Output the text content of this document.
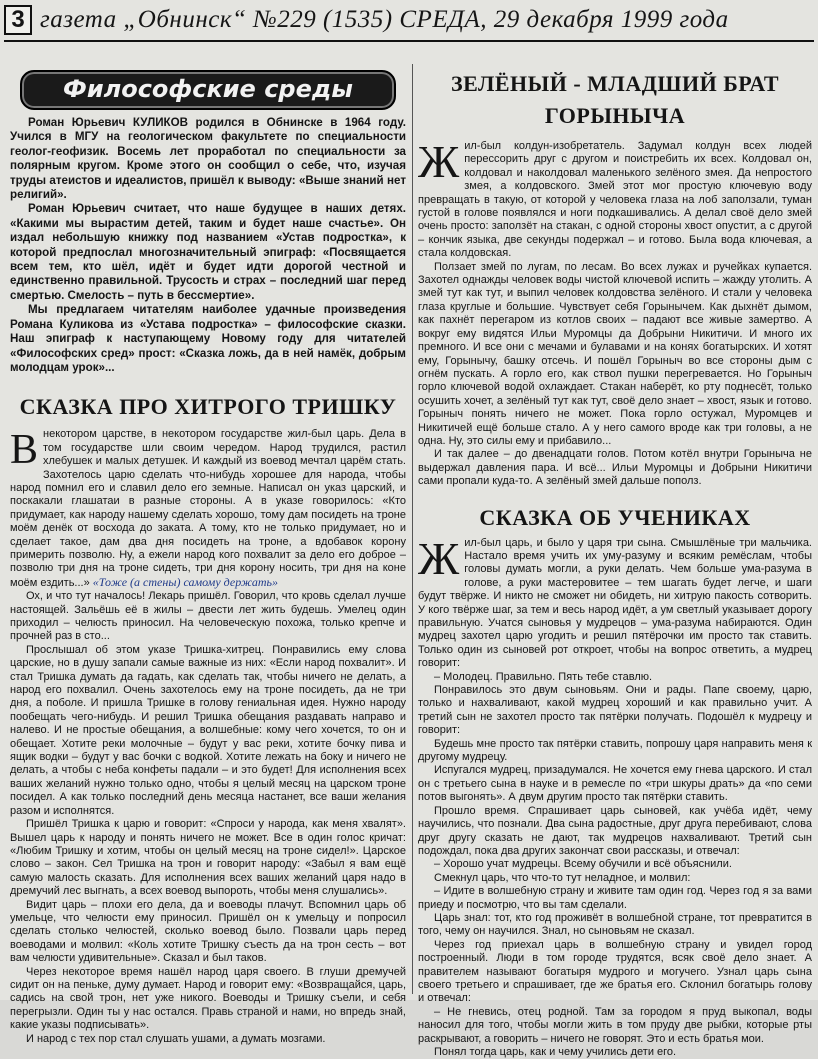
3 газета „Обнинск“ №229 (1535) СРЕДА, 29 декабря 1999 года
Философские среды

Роман Юрьевич КУЛИКОВ родился в Обнинске в 1964 году. Учился в МГУ на геологическом факультете по специальности геолог-геофизик. Восемь лет проработал по специальности за полярным кругом. Кроме этого он сообщил о себе, что, изучая труды атеистов и идеалистов, пришёл к выводу: «Выше знаний нет религий».

Роман Юрьевич считает, что наше будущее в наших детях. «Какими мы вырастим детей, таким и будет наше счастье». Он издал небольшую книжку под названием «Устав подростка», к которой предпослал многозначительный эпиграф: «Посвящается всем тем, кто шёл, идёт и будет идти дорогой честной и единственно правильной. Трусость и страх – последний шаг перед смертью. Смелость – путь в бессмертие».

Мы предлагаем читателям наиболее удачные произведения Романа Куликова из «Устава подростка» – философские сказки. Наш эпиграф к наступающему Новому году для читателей «Философских сред» прост: «Сказка ложь, да в ней намёк, добрым молодцам урок»...

СКАЗКА ПРО ХИТРОГО ТРИШКУ

Внекотором царстве, в некотором государстве жил-был царь. Дела в том государстве шли своим чередом. Народ трудился, растил хлебушек и малых детушек. И каждый из воевод мечтал царём стать. Захотелось царю сделать что-нибудь хорошее для народа, чтобы народ помнил его и славил дело его земные. Написал он указ царский, и поскакали глашатаи в разные стороны. А в указе говорилось: «Кто придумает, как народу нашему сделать хорошо, тому дам посидеть на троне моём денёк от восхода до заката. А тому, кто не только придумает, но и сделает такое, дам два дня посидеть на троне, а вдобавок корону примерить позволю. Ну, а ежели народ кого похвалит за дело его доброе – позволю три дня на троне сидеть, три дня корону носить, три дня на коне моём ездить...» «Тоже (а стены) самому держать»

Ох, и что тут началось! Лекарь пришёл. Говорил, что кровь сделал лучше настоящей. Зальёшь её в жилы – двести лет жить будешь. Умелец один приходил – челюсть приносил. На человеческую похожа, только крепче и прочней раз в сто...

Прослышал об этом указе Тришка-хитрец. Понравились ему слова царские, но в душу запали самые важные из них: «Если народ похвалит». И стал Тришка думать да гадать, как сделать так, чтобы ничего не делать, а народ его похвалил. Очень захотелось ему на троне посидеть, да не три дня, а поболе. И пришла Тришке в голову гениальная идея. Нужно народу пообещать чего-нибудь. И решил Тришка обещания раздавать направо и налево. И не простые обещания, а волшебные: кому чего хочется, то он и обещает. Хотите реки молочные – будут у вас реки, хотите бочку пива и ящик водки – будут у вас бочки с водкой. Хотите лежать на боку и ничего не делать, а чтобы с неба конфеты падали – и это будет! Для исполнения всех ваших желаний нужно только одно, чтобы я целый месяц на царском троне посидел. А как только последний день месяца настанет, все ваши желания разом и исполнятся.

Пришёл Тришка к царю и говорит: «Спроси у народа, как меня хвалят». Вышел царь к народу и понять ничего не может. Все в один голос кричат: «Любим Тришку и хотим, чтобы он целый месяц на троне сидел!». Царское слово – закон. Сел Тришка на трон и говорит народу: «Забыл я вам ещё самую малость сказать. Для исполнения всех ваших желаний царя надо в дремучий лес выгнать, а всех воевод выпороть, чтобы меня слушались».

Видит царь – плохи его дела, да и воеводы плачут. Вспомнил царь об умельце, что челюсти ему приносил. Пришёл он к умельцу и попросил сделать столько челюстей, сколько воевод было. Позвали царь перед воеводами и молвил: «Коль хотите Тришку съесть да на трон сесть – вот вам челюсти удивительные». Сказал и был таков.

Через некоторое время нашёл народ царя своего. В глуши дремучей сидит он на пеньке, думу думает. Народ и говорит ему: «Возвращайся, царь, садись на свой трон, нет уже никого. Воеводы и Тришку съели, и себя перегрызли. Один ты у нас остался. Правь страной и нами, но впредь знай, какие указы подписывать».

И народ с тех пор стал слушать ушами, а думать мозгами.

ЗЕЛЁНЫЙ - МЛАДШИЙ БРАТ ГОРЫНЫЧА

Жил-был колдун-изобретатель. Задумал колдун всех людей перессорить друг с другом и поистребить их всех. Колдовал он, колдовал и наколдовал маленького зелёного змея. Да непростого змея, а колдовского. Змей этот мог простую ключевую воду превращать в такую, от которой у человека глаза на лоб заползали, туман густой в голове появлялся и ноги подкашивались. А делал своё дело змей очень просто: заползёт на стакан, с одной стороны хвост опустит, а с другой – кончик языка, две секунды подержал – и готово. Была вода ключевая, а стала колдовская.

Ползает змей по лугам, по лесам. Во всех лужах и ручейках купается. Захотел однажды человек воды чистой ключевой испить – жажду утолить. А змей тут как тут, и выпил человек колдовства зелёного. И стали у человека глаза круглые и большие. Чувствует себя Горынычем. Как дыхнёт дымом, как пахнёт перегаром из котлов своих – падают все живые замертво. А вокруг ему видятся Ильи Муромцы да Добрыни Никитичи. И много их премного. И все они с мечами и булавами и на конях богатырских. И хотят ему, Горынычу, башку отсечь. И пошёл Горыныч во все стороны дым с огнём пускать. А горло его, как ствол пушки перегревается. Но Горыныч горло ключевой водой охлаждает. Стакан наберёт, ко рту поднесёт, только осушить хочет, а зелёный тут как тут, своё дело знает – хвост, язык и готово. Горыныч понять ничего не может. Пока горло остужал, Муромцев и Никитичей ещё больше стало. А у него самого вроде как три головы, а не одна. Ну, это силы ему и прибавило...

И так далее – до двенадцати голов. Потом котёл внутри Горыныча не выдержал давления пара. И всё... Ильи Муромцы и Добрыни Никитичи сами пропали куда-то. А зелёный змей дальше пополз.

СКАЗКА ОБ УЧЕНИКАХ

Жил-был царь, и было у царя три сына. Смышлёные три мальчика. Настало время учить их уму-разуму и всяким ремёслам, чтобы головы думать могли, а руки делать. Чем больше ума-разума в голове, а руки мастеровитее – тем шагать будет легче, и шаги будут твёрже. И никто не сможет ни обидеть, ни хитрую пакость сотворить. У кого твёрже шаг, за тем и весь народ идёт, а ум светлый указывает дорогу правильную. Учатся сыновья у мудрецов – ума-разума набираются. Один мудрец захотел царю угодить и решил пятёрочки им просто так ставить. Только один из сыновей рот откроет, чтобы на вопрос ответить, а мудрец говорит:

– Молодец. Правильно. Пять тебе ставлю.

Понравилось это двум сыновьям. Они и рады. Папе своему, царю, только и нахваливают, какой мудрец хороший и как правильно учит. А третий сын не захотел просто так пятёрки получать. Подошёл к мудрецу и говорит:

Будешь мне просто так пятёрки ставить, попрошу царя направить меня к другому мудрецу.

Испугался мудрец, призадумался. Не хочется ему гнева царского. И стал он с третьего сына в науке и в ремесле по «три шкуры драть» да «по семи потов выгонять». А двум другим просто так пятёрки ставить.

Прошло время. Спрашивает царь сыновей, как учёба идёт, чему научились, что познали. Два сына радостные, друг друга перебивают, слова друг другу сказать не дают, так мудрецов нахваливают. Третий сын подождал, пока два других закончат свои рассказы, и отвечал:

– Хорошо учат мудрецы. Всему обучили и всё объяснили.

Смекнул царь, что что-то тут неладное, и молвил:

– Идите в волшебную страну и живите там один год. Через год я за вами приеду и посмотрю, что вы там сделали.

Царь знал: тот, кто год проживёт в волшебной стране, тот превратится в того, чему он научился. Знал, но сыновьям не сказал.

Через год приехал царь в волшебную страну и увидел город построенный. Люди в том городе трудятся, всяк своё дело знает. А правителем называют богатыря мудрого и могучего. Узнал царь сына своего третьего и спрашивает, где же братья его. Склонил богатырь голову и отвечал:

– Не гневись, отец родной. Там за городом я пруд выкопал, воды наносил для того, чтобы могли жить в том пруду две рыбки, которые рты раскрывают, а говорить – ничего не говорят. Это и есть братья мои.

Понял тогда царь, как и чему учились дети его.
